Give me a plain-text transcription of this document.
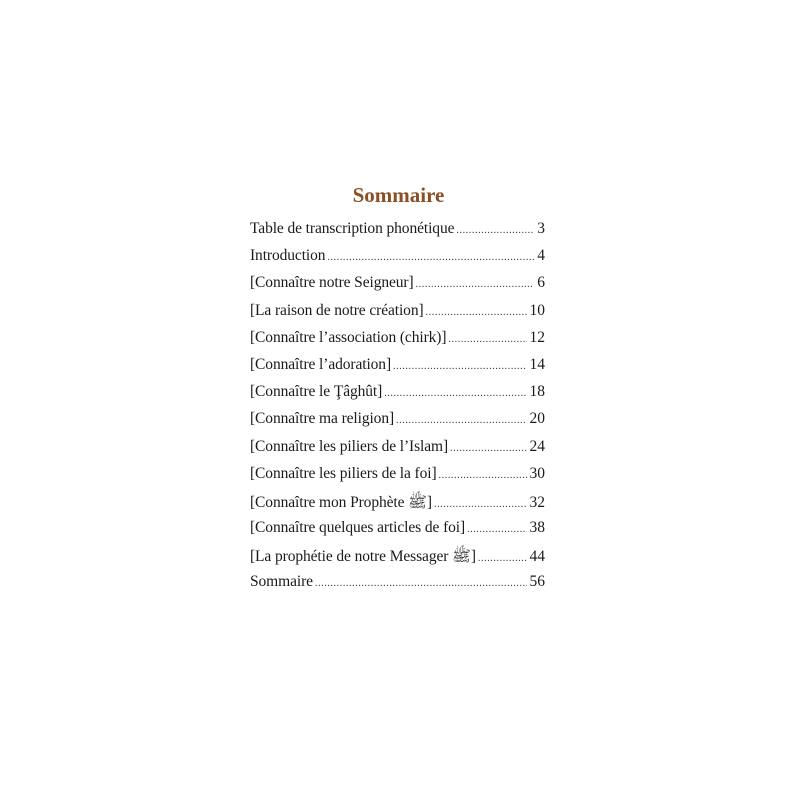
Sommaire
Table de transcription phonétique .....	3
Introduction .....	4
[Connaître notre Seigneur] .....	6
[La raison de notre création] .....	10
[Connaître l’association (chirk)] .....	12
[Connaître l’adoration] .....	14
[Connaître le Ţâghût] .....	18
[Connaître ma religion] .....	20
[Connaître les piliers de l’Islam] .....	24
[Connaître les piliers de la foi] .....	30
[Connaître mon Prophète ﷺ] .....	32
[Connaître quelques articles de foi] .....	38
[La prophétie de notre Messager ﷺ] .....	44
Sommaire .....	56
